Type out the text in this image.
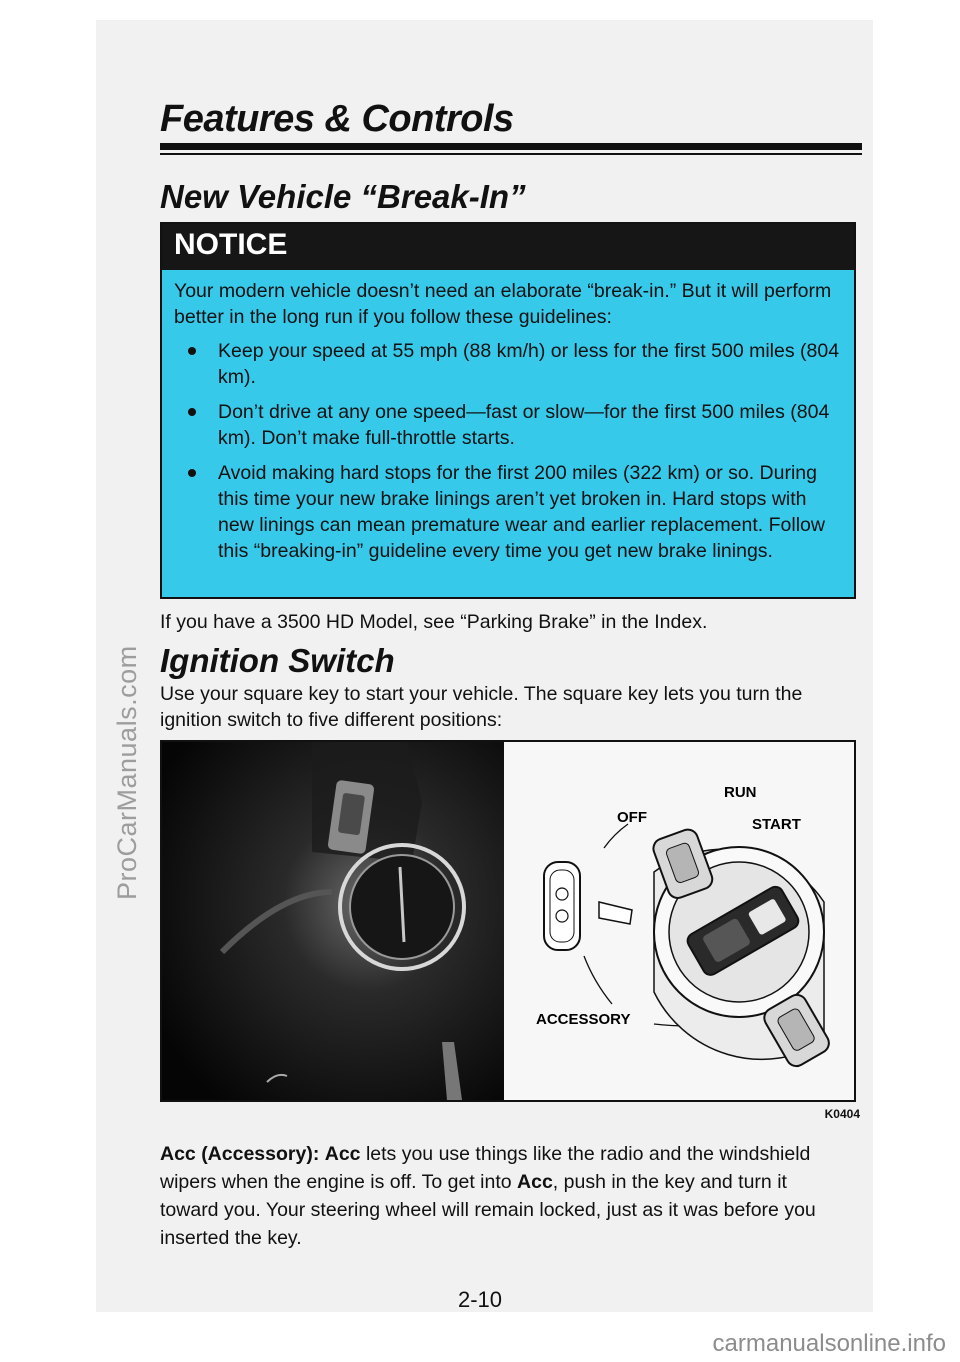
ProCarManuals.com
Features & Controls
New Vehicle “Break-In”
NOTICE
Your modern vehicle doesn’t need an elaborate “break-in.” But it will perform better in the long run if you follow these guidelines:
Keep your speed at 55 mph (88 km/h) or less for the first 500 miles (804 km).
Don’t drive at any one speed—fast or slow—for the first 500 miles (804 km). Don’t make full-throttle starts.
Avoid making hard stops for the first 200 miles (322 km) or so. During this time your new brake linings aren’t yet broken in. Hard stops with new linings can mean premature wear and earlier replacement. Follow this “breaking-in” guideline every time you get new brake linings.
If you have a 3500 HD Model, see “Parking Brake” in the Index.
Ignition Switch
Use your square key to start your vehicle. The square key lets you turn the ignition switch to five different positions:
RUN
OFF	START
ACCESSORY
K0404
Acc (Accessory): Acc lets you use things like the radio and the windshield wipers when the engine is off. To get into Acc, push in the key and turn it toward you. Your steering wheel will remain locked, just as it was before you inserted the key.
2-10
carmanualsonline.info
